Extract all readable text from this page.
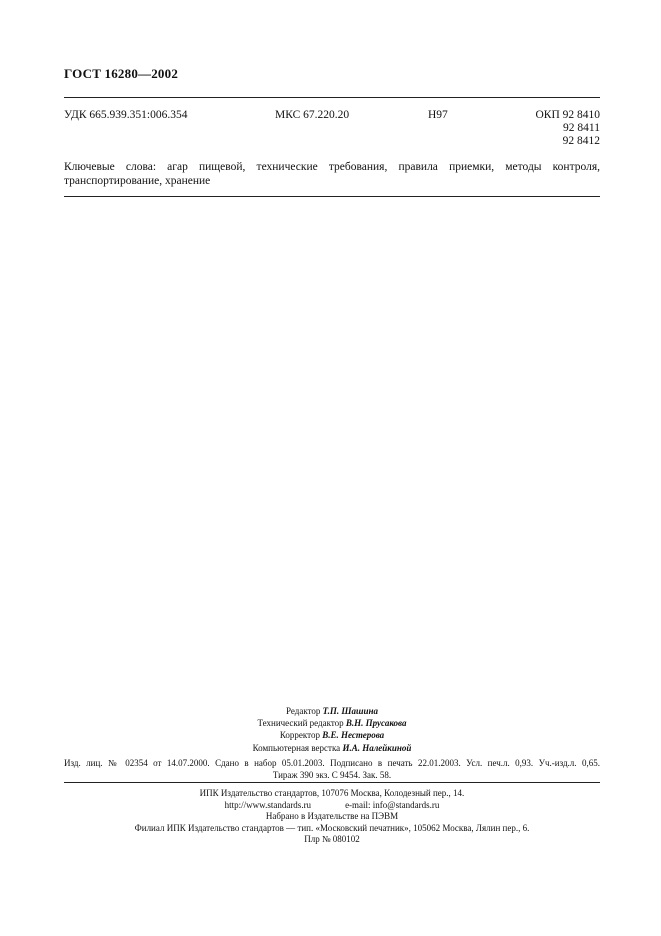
ГОСТ 16280—2002
УДК 665.939.351:006.354	МКС 67.220.20	Н97	ОКП 92 8410
92 8411
92 8412
Ключевые слова: агар пищевой, технические требования, правила приемки, методы контроля, транспортирование, хранение
Редактор Т.П. Шашина
Технический редактор В.Н. Прусакова
Корректор В.Е. Нестерова
Компьютерная верстка И.А. Налейкиной
Изд. лиц. № 02354 от 14.07.2000. Сдано в набор 05.01.2003. Подписано в печать 22.01.2003. Усл. печ.л. 0,93. Уч.-изд.л. 0,65.
Тираж 390 экз. С 9454. Зак. 58.
ИПК Издательство стандартов, 107076 Москва, Колодезный пер., 14.
http://www.standards.ru	e-mail: info@standards.ru
Набрано в Издательстве на ПЭВМ
Филиал ИПК Издательство стандартов — тип. «Московский печатник», 105062 Москва, Лялин пер., 6.
Плр № 080102
